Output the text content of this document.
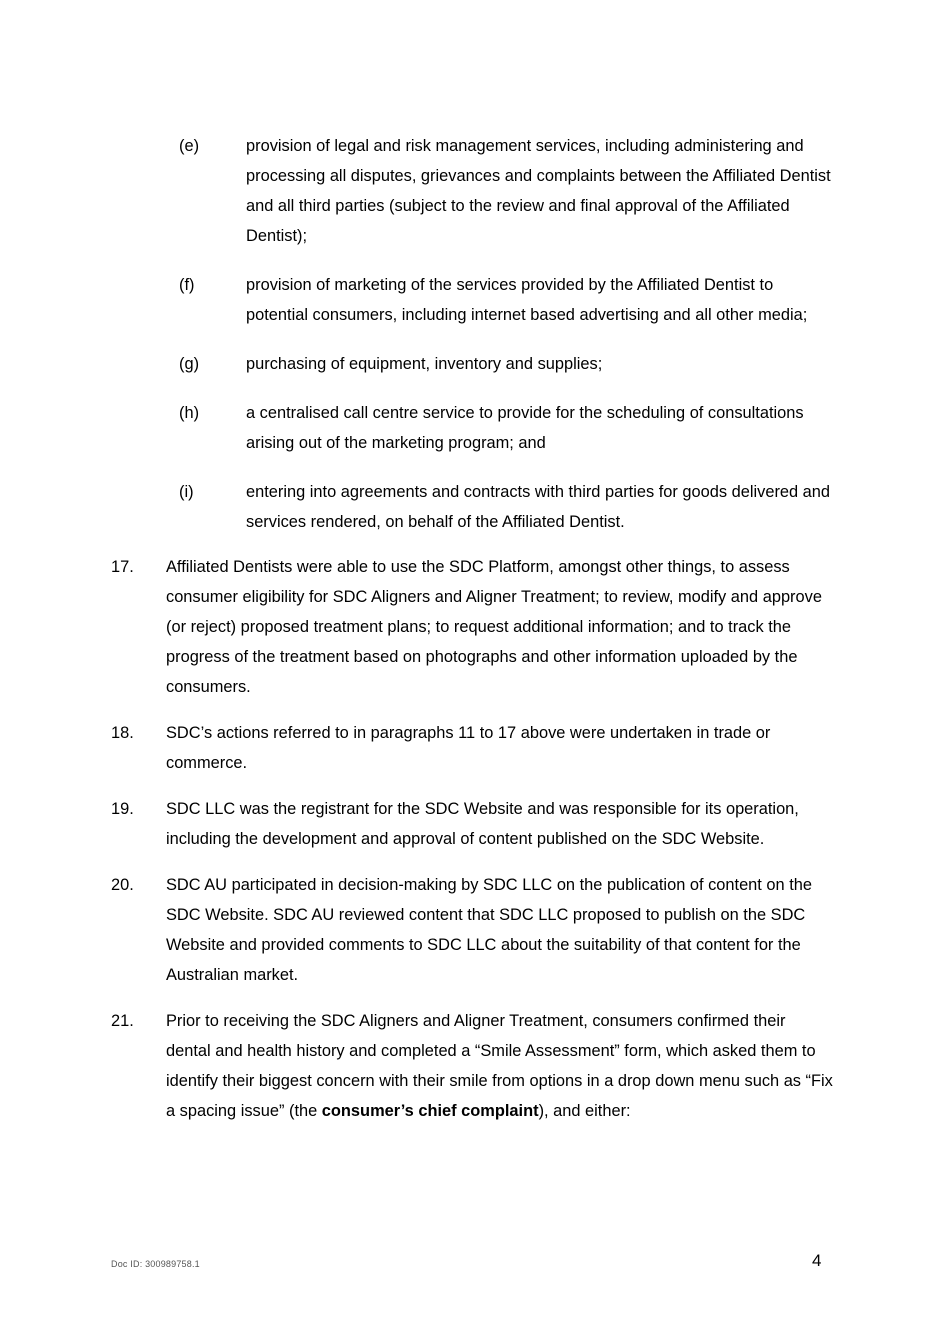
(e)	provision of legal and risk management services, including administering and processing all disputes, grievances and complaints between the Affiliated Dentist and all third parties (subject to the review and final approval of the Affiliated Dentist);
(f)	provision of marketing of the services provided by the Affiliated Dentist to potential consumers, including internet based advertising and all other media;
(g)	purchasing of equipment, inventory and supplies;
(h)	a centralised call centre service to provide for the scheduling of consultations arising out of the marketing program; and
(i)	entering into agreements and contracts with third parties for goods delivered and services rendered, on behalf of the Affiliated Dentist.
17.	Affiliated Dentists were able to use the SDC Platform, amongst other things, to assess consumer eligibility for SDC Aligners and Aligner Treatment; to review, modify and approve (or reject) proposed treatment plans; to request additional information; and to track the progress of the treatment based on photographs and other information uploaded by the consumers.
18.	SDC’s actions referred to in paragraphs 11 to 17 above were undertaken in trade or commerce.
19.	SDC LLC was the registrant for the SDC Website and was responsible for its operation, including the development and approval of content published on the SDC Website.
20.	SDC AU participated in decision-making by SDC LLC on the publication of content on the SDC Website. SDC AU reviewed content that SDC LLC proposed to publish on the SDC Website and provided comments to SDC LLC about the suitability of that content for the Australian market.
21.	Prior to receiving the SDC Aligners and Aligner Treatment, consumers confirmed their dental and health history and completed a “Smile Assessment” form, which asked them to identify their biggest concern with their smile from options in a drop down menu such as “Fix a spacing issue” (the consumer’s chief complaint), and either:
Doc ID: 300989758.1	4
